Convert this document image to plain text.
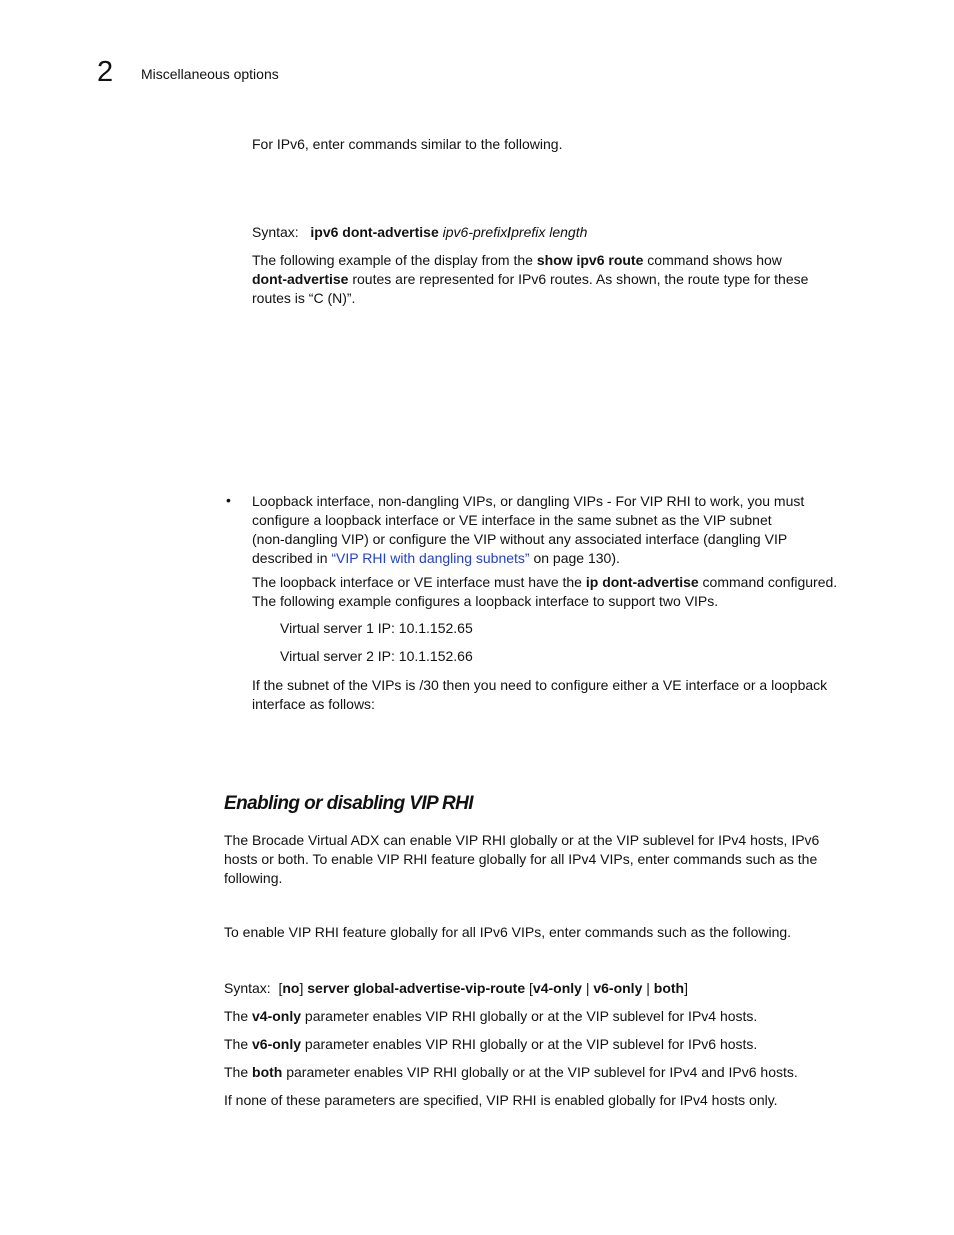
2 Miscellaneous options

For IPv6, enter commands similar to the following.

Syntax: ipv6 dont-advertise ipv6-prefix/prefix length

The following example of the display from the show ipv6 route command shows how

dont-advertise routes are represented for IPv6 routes. As shown, the route type for these

routes is “C (N)”.

• Loopback interface, non-dangling VIPs, or dangling VIPs - For VIP RHI to work, you must

configure a loopback interface or VE interface in the same subnet as the VIP subnet

(non-dangling VIP) or configure the VIP without any associated interface (dangling VIP

described in “VIP RHI with dangling subnets” on page 130).

The loopback interface or VE interface must have the ip dont-advertise command configured.

The following example configures a loopback interface to support two VIPs.

Virtual server 1 IP: 10.1.152.65

Virtual server 2 IP: 10.1.152.66

If the subnet of the VIPs is /30 then you need to configure either a VE interface or a loopback

interface as follows:

Enabling or disabling VIP RHI

The Brocade Virtual ADX can enable VIP RHI globally or at the VIP sublevel for IPv4 hosts, IPv6

hosts or both. To enable VIP RHI feature globally for all IPv4 VIPs, enter commands such as the

following.

To enable VIP RHI feature globally for all IPv6 VIPs, enter commands such as the following.

Syntax: [no] server global-advertise-vip-route [v4-only | v6-only | both]

The v4-only parameter enables VIP RHI globally or at the VIP sublevel for IPv4 hosts.

The v6-only parameter enables VIP RHI globally or at the VIP sublevel for IPv6 hosts.

The both parameter enables VIP RHI globally or at the VIP sublevel for IPv4 and IPv6 hosts.

If none of these parameters are specified, VIP RHI is enabled globally for IPv4 hosts only.
